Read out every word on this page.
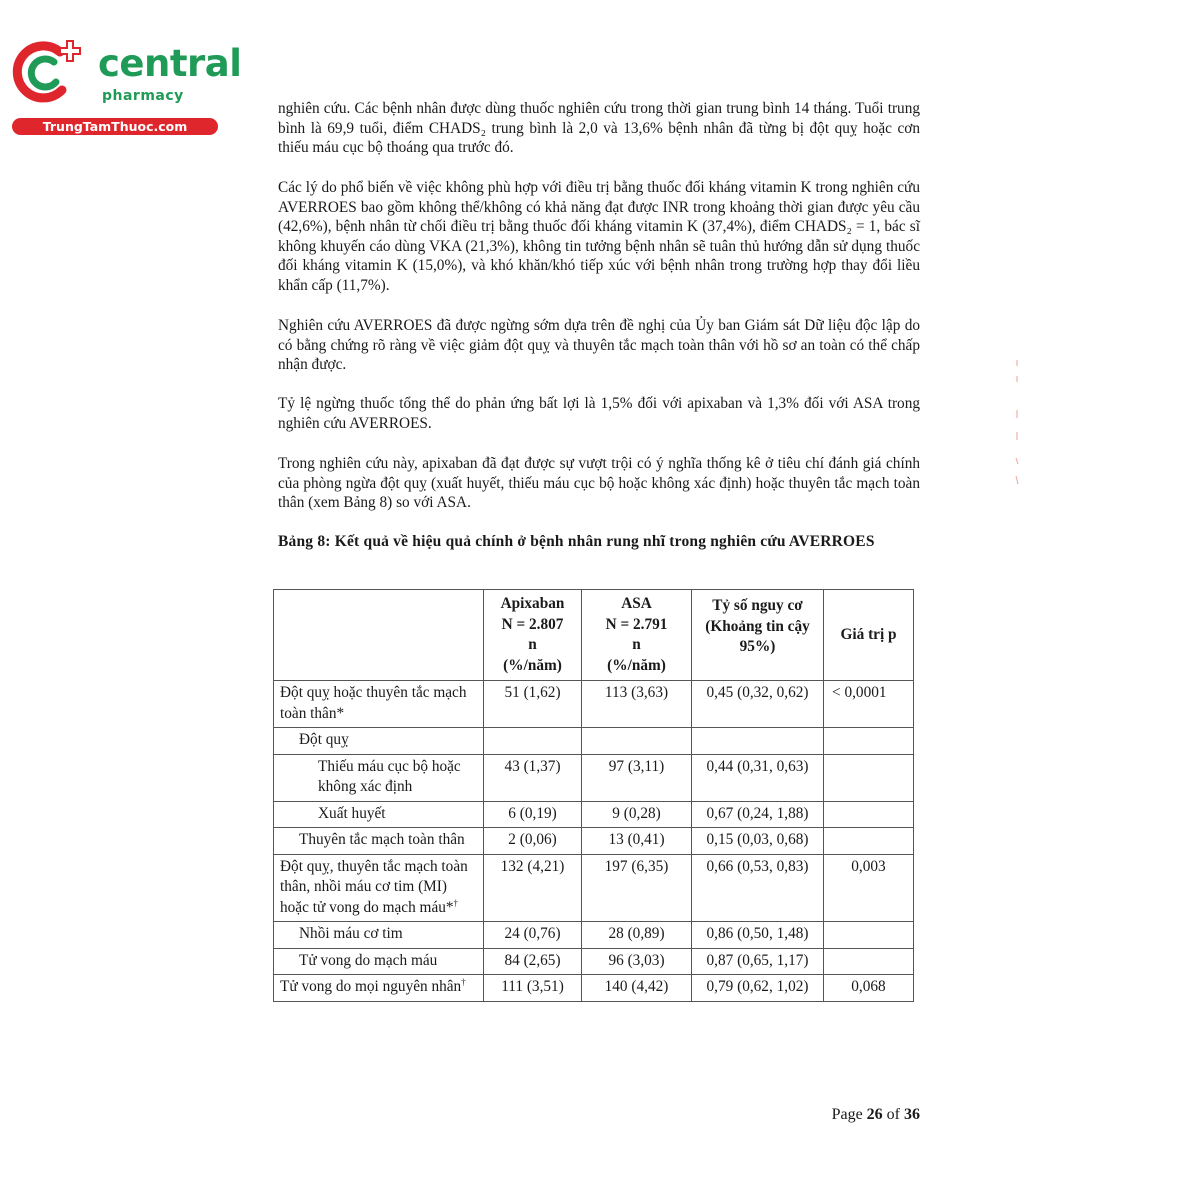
central
pharmacy
TrungTamThuoc.com

nghiên cứu. Các bệnh nhân được dùng thuốc nghiên cứu trong thời gian trung bình 14 tháng. Tuổi trung bình là 69,9 tuổi, điểm CHADS₂ trung bình là 2,0 và 13,6% bệnh nhân đã từng bị đột quỵ hoặc cơn thiếu máu cục bộ thoáng qua trước đó.

Các lý do phổ biến về việc không phù hợp với điều trị bằng thuốc đối kháng vitamin K trong nghiên cứu AVERROES bao gồm không thể/không có khả năng đạt được INR trong khoảng thời gian được yêu cầu (42,6%), bệnh nhân từ chối điều trị bằng thuốc đối kháng vitamin K (37,4%), điểm CHADS₂ = 1, bác sĩ không khuyến cáo dùng VKA (21,3%), không tin tưởng bệnh nhân sẽ tuân thủ hướng dẫn sử dụng thuốc đối kháng vitamin K (15,0%), và khó khăn/khó tiếp xúc với bệnh nhân trong trường hợp thay đổi liều khẩn cấp (11,7%).

Nghiên cứu AVERROES đã được ngừng sớm dựa trên đề nghị của Ủy ban Giám sát Dữ liệu độc lập do có bằng chứng rõ ràng về việc giảm đột quỵ và thuyên tắc mạch toàn thân với hồ sơ an toàn có thể chấp nhận được.

Tỷ lệ ngừng thuốc tổng thể do phản ứng bất lợi là 1,5% đối với apixaban và 1,3% đối với ASA trong nghiên cứu AVERROES.

Trong nghiên cứu này, apixaban đã đạt được sự vượt trội có ý nghĩa thống kê ở tiêu chí đánh giá chính của phòng ngừa đột quỵ (xuất huyết, thiếu máu cục bộ hoặc không xác định) hoặc thuyên tắc mạch toàn thân (xem Bảng 8) so với ASA.

Bảng 8: Kết quả về hiệu quả chính ở bệnh nhân rung nhĩ trong nghiên cứu AVERROES

	Apixaban
N = 2.807
n
(%/năm)	ASA
N = 2.791
n
(%/năm)	Tỷ số nguy cơ
(Khoảng tin cậy
95%)	Giá trị p
Đột quỵ hoặc thuyên tắc mạch toàn thân*	51 (1,62)	113 (3,63)	0,45 (0,32, 0,62)	< 0,0001
Đột quỵ				
Thiếu máu cục bộ hoặc không xác định	43 (1,37)	97 (3,11)	0,44 (0,31, 0,63)	
Xuất huyết	6 (0,19)	9 (0,28)	0,67 (0,24, 1,88)	
Thuyên tắc mạch toàn thân	2 (0,06)	13 (0,41)	0,15 (0,03, 0,68)	
Đột quỵ, thuyên tắc mạch toàn thân, nhồi máu cơ tim (MI) hoặc tử vong do mạch máu*†	132 (4,21)	197 (6,35)	0,66 (0,53, 0,83)	0,003
Nhồi máu cơ tim	24 (0,76)	28 (0,89)	0,86 (0,50, 1,48)	
Tử vong do mạch máu	84 (2,65)	96 (3,03)	0,87 (0,65, 1,17)	
Tử vong do mọi nguyên nhân†	111 (3,51)	140 (4,42)	0,79 (0,62, 1,02)	0,068
Page 26 of 36
